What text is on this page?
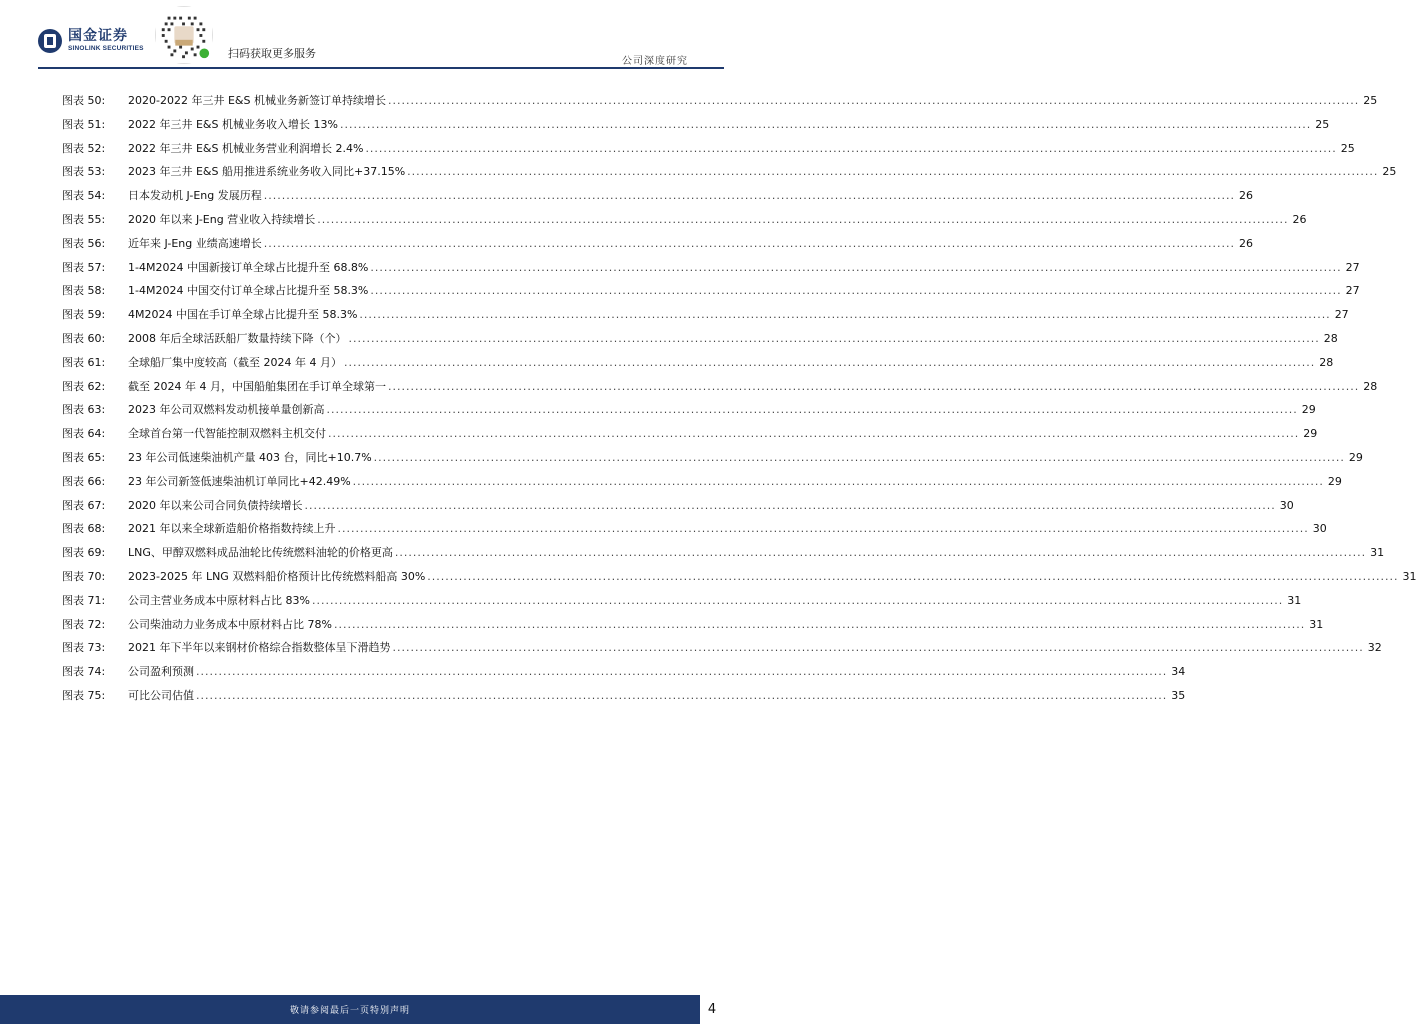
国金证券
SINOLINK SECURITIES	扫码获取更多服务
公司深度研究
图表 50:	2020-2022 年三井 E&S 机械业务新签订单持续增长 .....	25
图表 51:	2022 年三井 E&S 机械业务收入增长 13% .....	25
图表 52:	2022 年三井 E&S 机械业务营业利润增长 2.4% .....	25
图表 53:	2023 年三井 E&S 船用推进系统业务收入同比+37.15% .....	25
图表 54:	日本发动机 J-Eng 发展历程 .....	26
图表 55:	2020 年以来 J-Eng 营业收入持续增长 .....	26
图表 56:	近年来 J-Eng 业绩高速增长 .....	26
图表 57:	1-4M2024 中国新接订单全球占比提升至 68.8% .....	27
图表 58:	1-4M2024 中国交付订单全球占比提升至 58.3% .....	27
图表 59:	4M2024 中国在手订单全球占比提升至 58.3% .....	27
图表 60:	2008 年后全球活跃船厂数量持续下降（个） .....	28
图表 61:	全球船厂集中度较高（截至 2024 年 4 月） .....	28
图表 62:	截至 2024 年 4 月，中国船舶集团在手订单全球第一 .....	28
图表 63:	2023 年公司双燃料发动机接单量创新高 .....	29
图表 64:	全球首台第一代智能控制双燃料主机交付 .....	29
图表 65:	23 年公司低速柴油机产量 403 台，同比+10.7% .....	29
图表 66:	23 年公司新签低速柴油机订单同比+42.49% .....	29
图表 67:	2020 年以来公司合同负债持续增长 .....	30
图表 68:	2021 年以来全球新造船价格指数持续上升 .....	30
图表 69:	LNG、甲醇双燃料成品油轮比传统燃料油轮的价格更高 .....	31
图表 70:	2023-2025 年 LNG 双燃料船价格预计比传统燃料船高 30% .....	31
图表 71:	公司主营业务成本中原材料占比 83% .....	31
图表 72:	公司柴油动力业务成本中原材料占比 78% .....	31
图表 73:	2021 年下半年以来钢材价格综合指数整体呈下滑趋势 .....	32
图表 74:	公司盈利预测 .....	34
图表 75:	可比公司估值 .....	35
敬请参阅最后一页特别声明	4
